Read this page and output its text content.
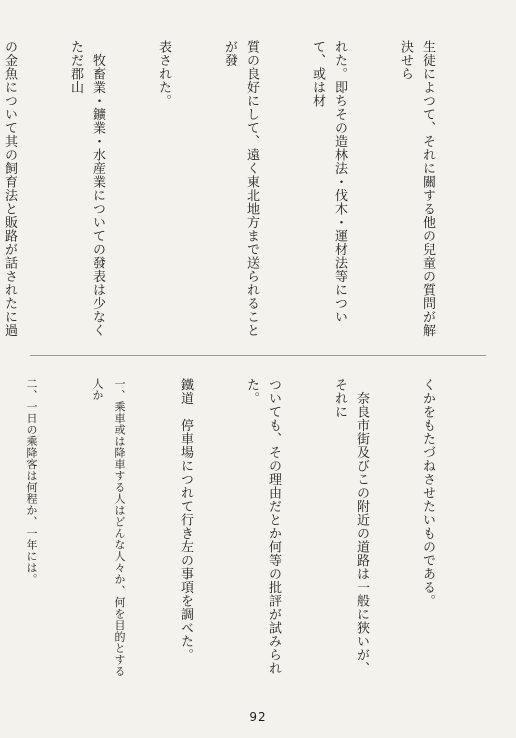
生徒によつて、それに關する他の兒童の質問が解決せら

れた。即ちその造林法・伐木・運材法等について、或は材

質の良好にして、遠く東北地方まで送られることが發

表された。

　牧畜業・鑛業・水産業についての發表は少なくただ郡山

の金魚について其の飼育法と販路が話されたに過

くかをもたづねさせたいものである。

　奈良市街及びこの附近の道路は一般に狹いが、それに

ついても、その理由だとか何等の批評が試みられた。

鐵道　停車場につれて行き左の事項を調べた。

一、乘車或は降車する人はどんな人々か、何を目的とする人か

二、一日の乘降客は何程か、一年には。

92
